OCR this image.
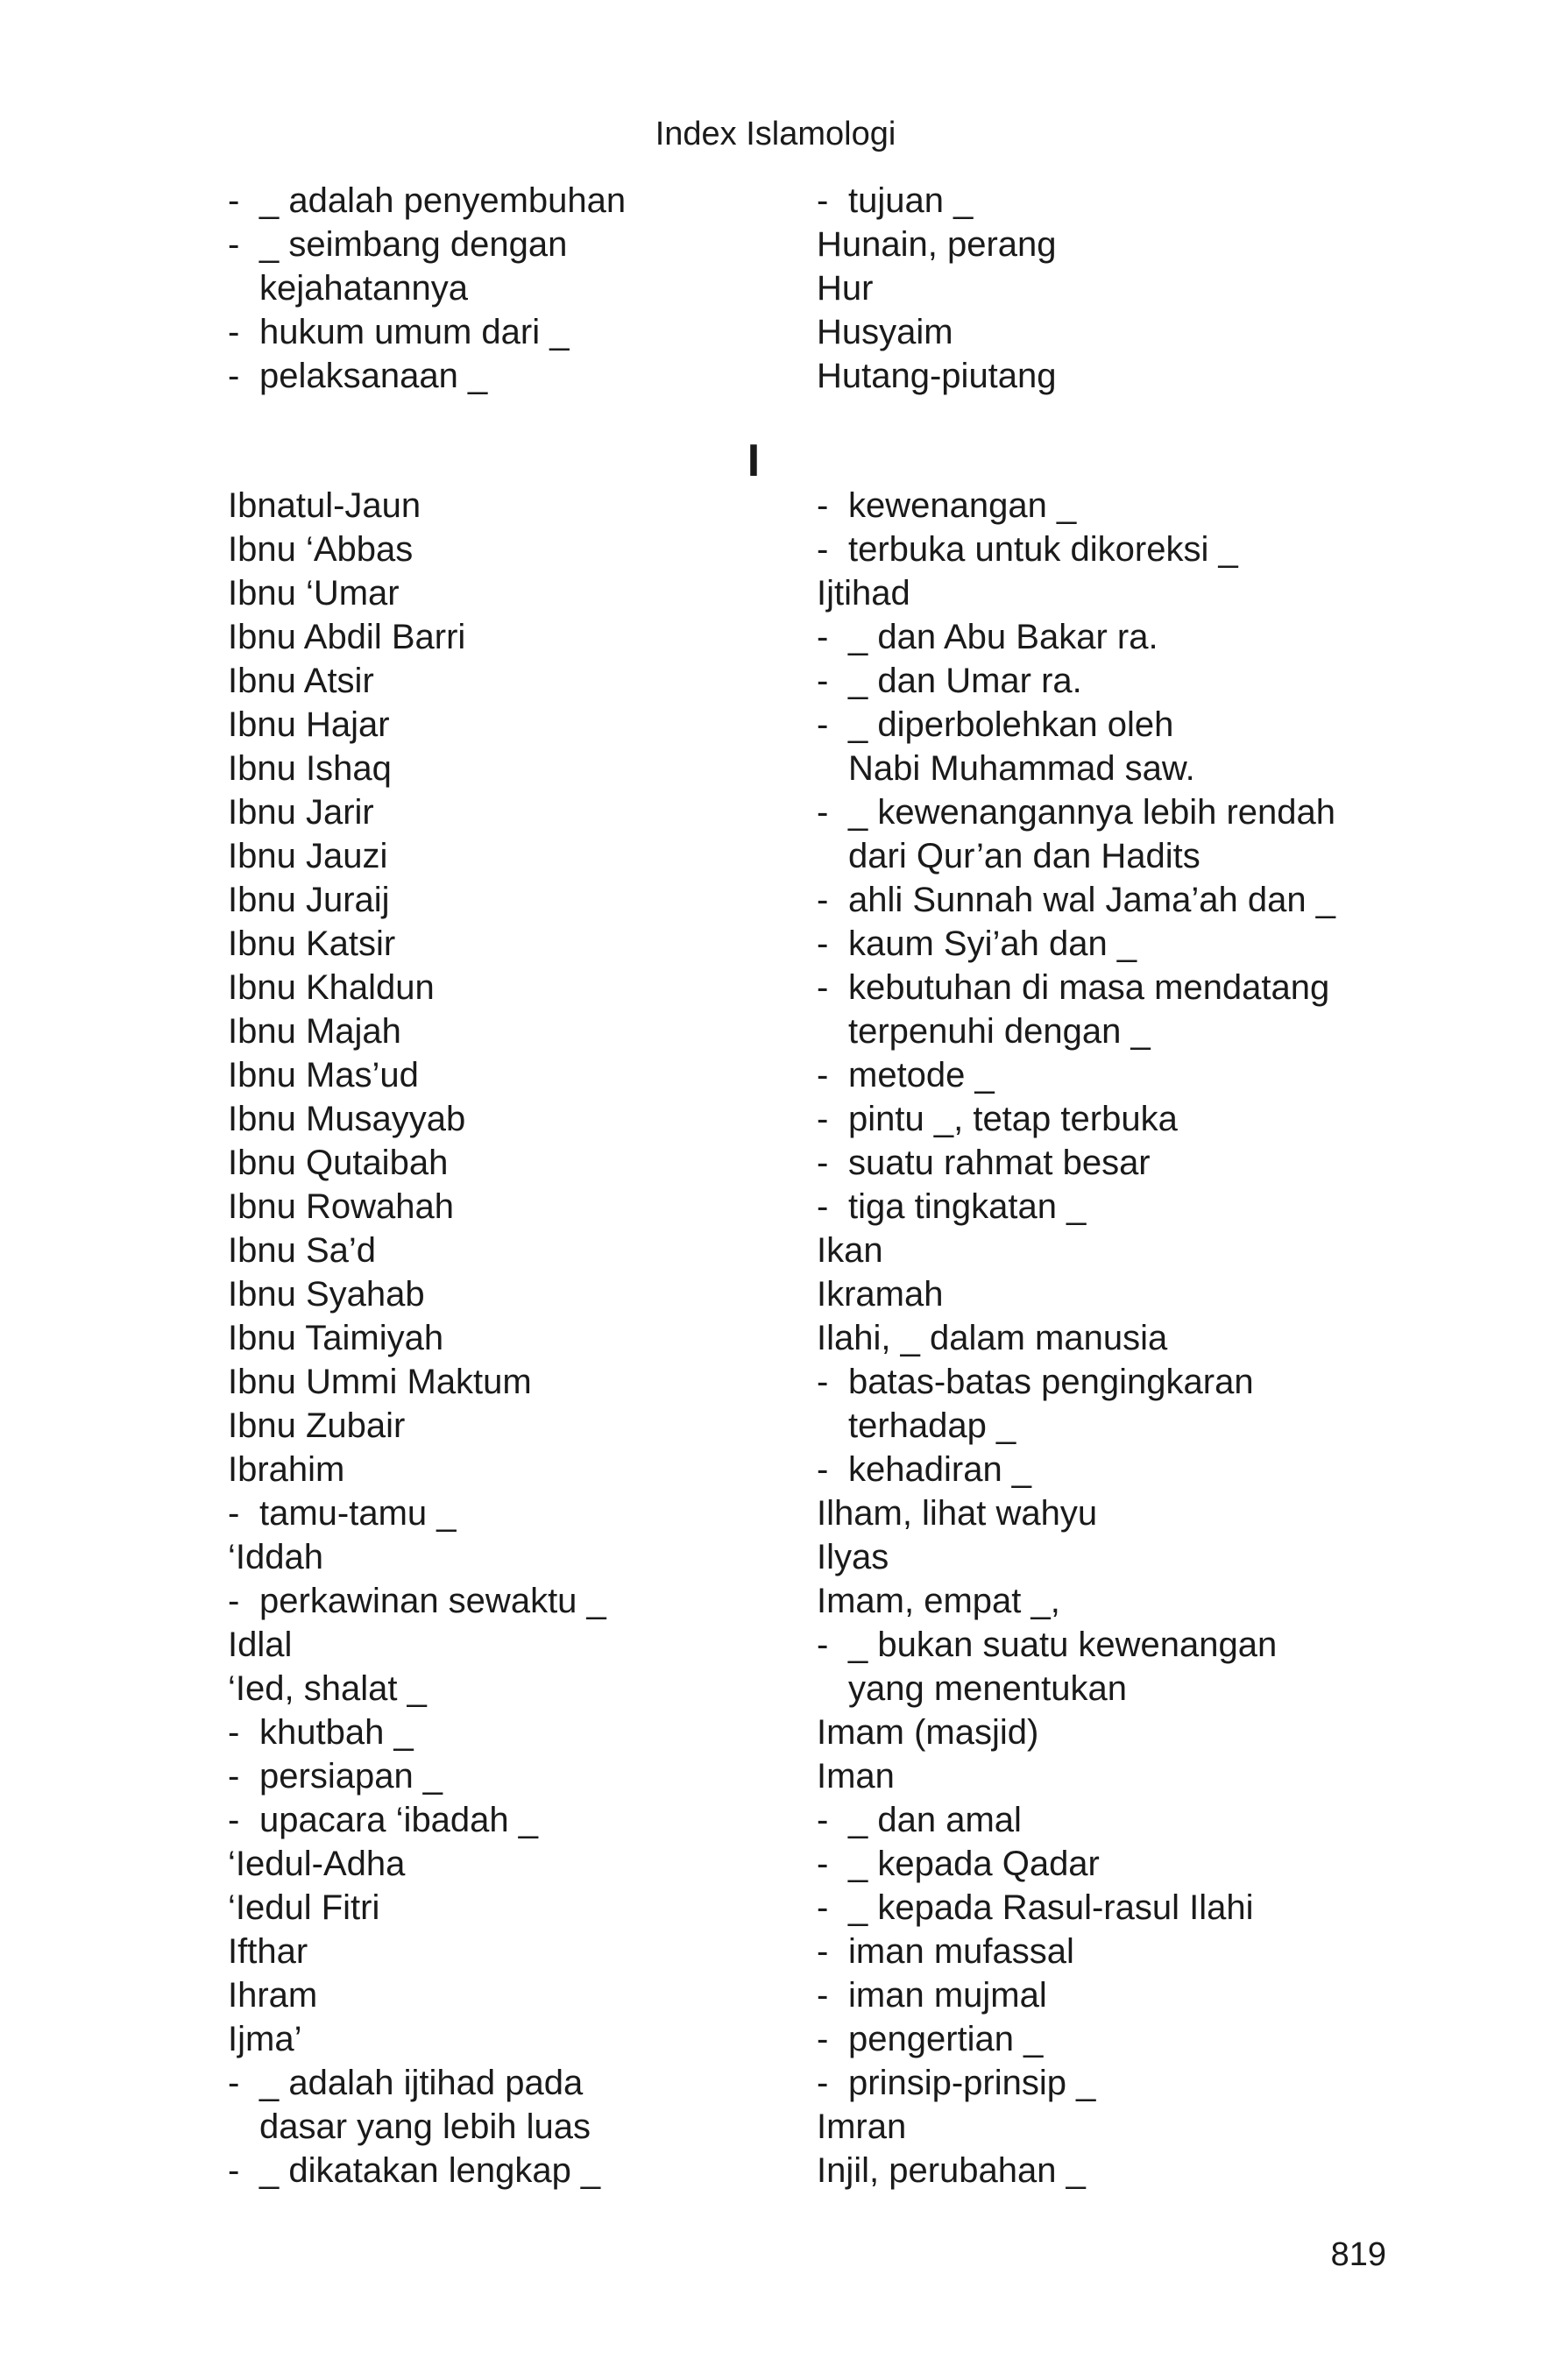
Index Islamologi
- _ adalah penyembuhan
- _ seimbang dengan
kejahatannya
- hukum umum dari _
- pelaksanaan _
- tujuan _
Hunain, perang
Hur
Husyaim
Hutang-piutang
I
Ibnatul-Jaun
Ibnu ‘Abbas
Ibnu ‘Umar
Ibnu Abdil Barri
Ibnu Atsir
Ibnu Hajar
Ibnu Ishaq
Ibnu Jarir
Ibnu Jauzi
Ibnu Juraij
Ibnu Katsir
Ibnu Khaldun
Ibnu Majah
Ibnu Mas’ud
Ibnu Musayyab
Ibnu Qutaibah
Ibnu Rowahah
Ibnu Sa’d
Ibnu Syahab
Ibnu Taimiyah
Ibnu Ummi Maktum
Ibnu Zubair
Ibrahim
- tamu-tamu _
‘Iddah
- perkawinan sewaktu _
Idlal
‘Ied, shalat _
- khutbah _
- persiapan _
- upacara ‘ibadah _
‘Iedul-Adha
‘Iedul Fitri
Ifthar
Ihram
Ijma’
- _ adalah ijtihad pada
dasar yang lebih luas
- _ dikatakan lengkap _
- kewenangan _
- terbuka untuk dikoreksi _
Ijtihad
- _ dan Abu Bakar ra.
- _ dan Umar ra.
- _ diperbolehkan oleh
Nabi Muhammad saw.
- _ kewenangannya lebih rendah
dari Qur’an dan Hadits
- ahli Sunnah wal Jama’ah dan _
- kaum Syi’ah dan _
- kebutuhan di masa mendatang
terpenuhi dengan _
- metode _
- pintu _, tetap terbuka
- suatu rahmat besar
- tiga tingkatan _
Ikan
Ikramah
Ilahi, _ dalam manusia
- batas-batas pengingkaran
terhadap _
- kehadiran _
Ilham, lihat wahyu
Ilyas
Imam, empat _,
- _ bukan suatu kewenangan
yang menentukan
Imam (masjid)
Iman
- _ dan amal
- _ kepada Qadar
- _ kepada Rasul-rasul Ilahi
- iman mufassal
- iman mujmal
- pengertian _
- prinsip-prinsip _
Imran
Injil, perubahan _
819
